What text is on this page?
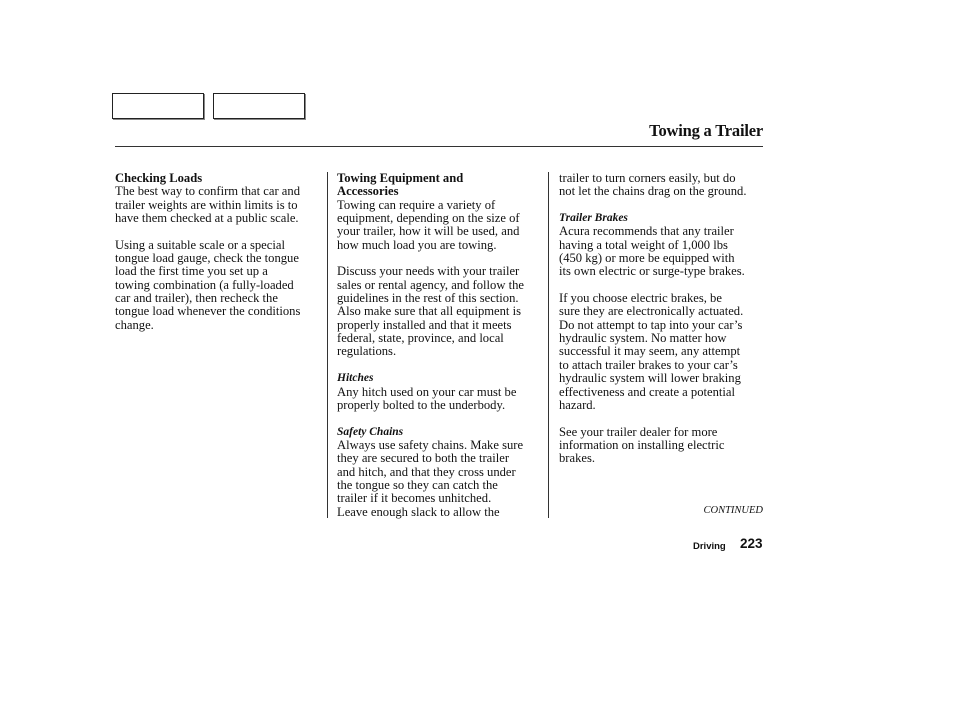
Towing a Trailer
Checking Loads
The best way to confirm that car and
trailer weights are within limits is to
have them checked at a public scale.
Using a suitable scale or a special
tongue load gauge, check the tongue
load the first time you set up a
towing combination (a fully-loaded
car and trailer), then recheck the
tongue load whenever the conditions
change.
Towing Equipment and
Accessories
Towing can require a variety of
equipment, depending on the size of
your trailer, how it will be used, and
how much load you are towing.
Discuss your needs with your trailer
sales or rental agency, and follow the
guidelines in the rest of this section.
Also make sure that all equipment is
properly installed and that it meets
federal, state, province, and local
regulations.
Hitches
Any hitch used on your car must be
properly bolted to the underbody.
Safety Chains
Always use safety chains. Make sure
they are secured to both the trailer
and hitch, and that they cross under
the tongue so they can catch the
trailer if it becomes unhitched.
Leave enough slack to allow the
trailer to turn corners easily, but do
not let the chains drag on the ground.
Trailer Brakes
Acura recommends that any trailer
having a total weight of 1,000 lbs
(450 kg) or more be equipped with
its own electric or surge-type brakes.
If you choose electric brakes, be
sure they are electronically actuated.
Do not attempt to tap into your car’s
hydraulic system. No matter how
successful it may seem, any attempt
to attach trailer brakes to your car’s
hydraulic system will lower braking
effectiveness and create a potential
hazard.
See your trailer dealer for more
information on installing electric
brakes.
CONTINUED
Driving 223
